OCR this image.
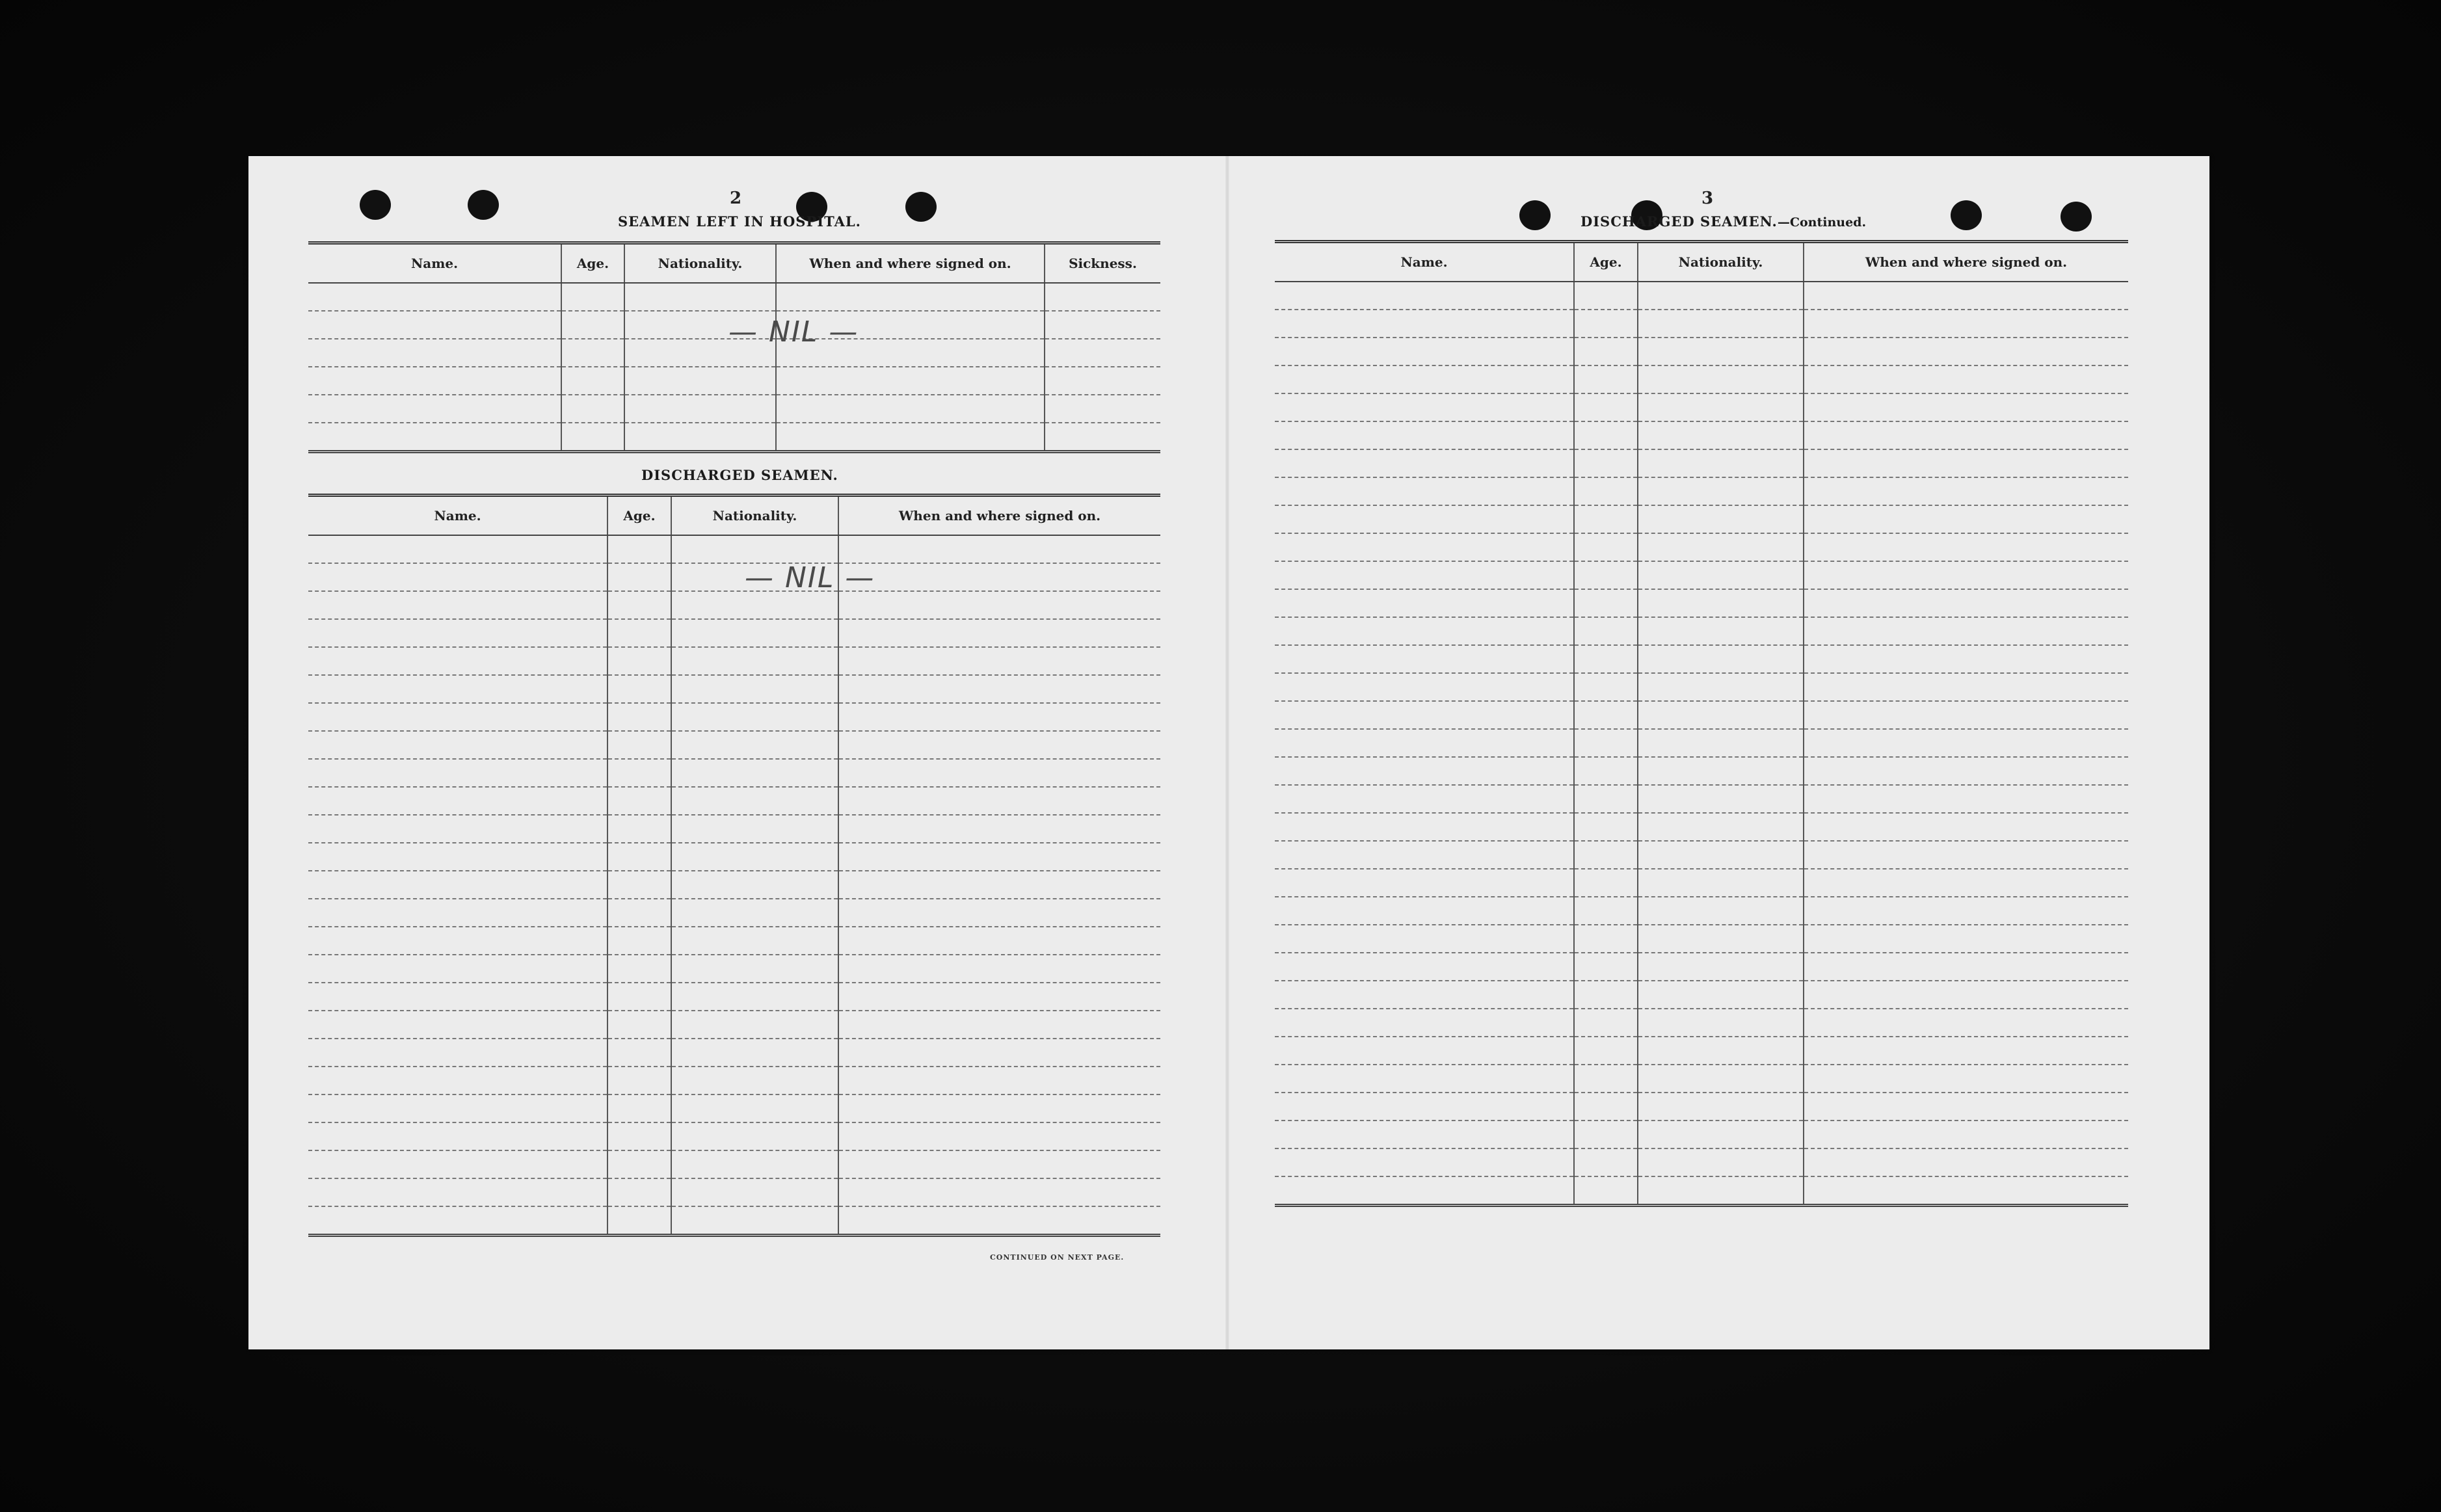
2
SEAMEN LEFT IN HOSPITAL.
Name.	Age.	Nationality.	When and where signed on.	Sickness.

— NIL —
DISCHARGED SEAMEN.
Name.	Age.	Nationality.	When and where signed on.

— NIL —
CONTINUED ON NEXT PAGE.
3
DISCHARGED SEAMEN.—Continued.
Name.	Age.	Nationality.	When and where signed on.
